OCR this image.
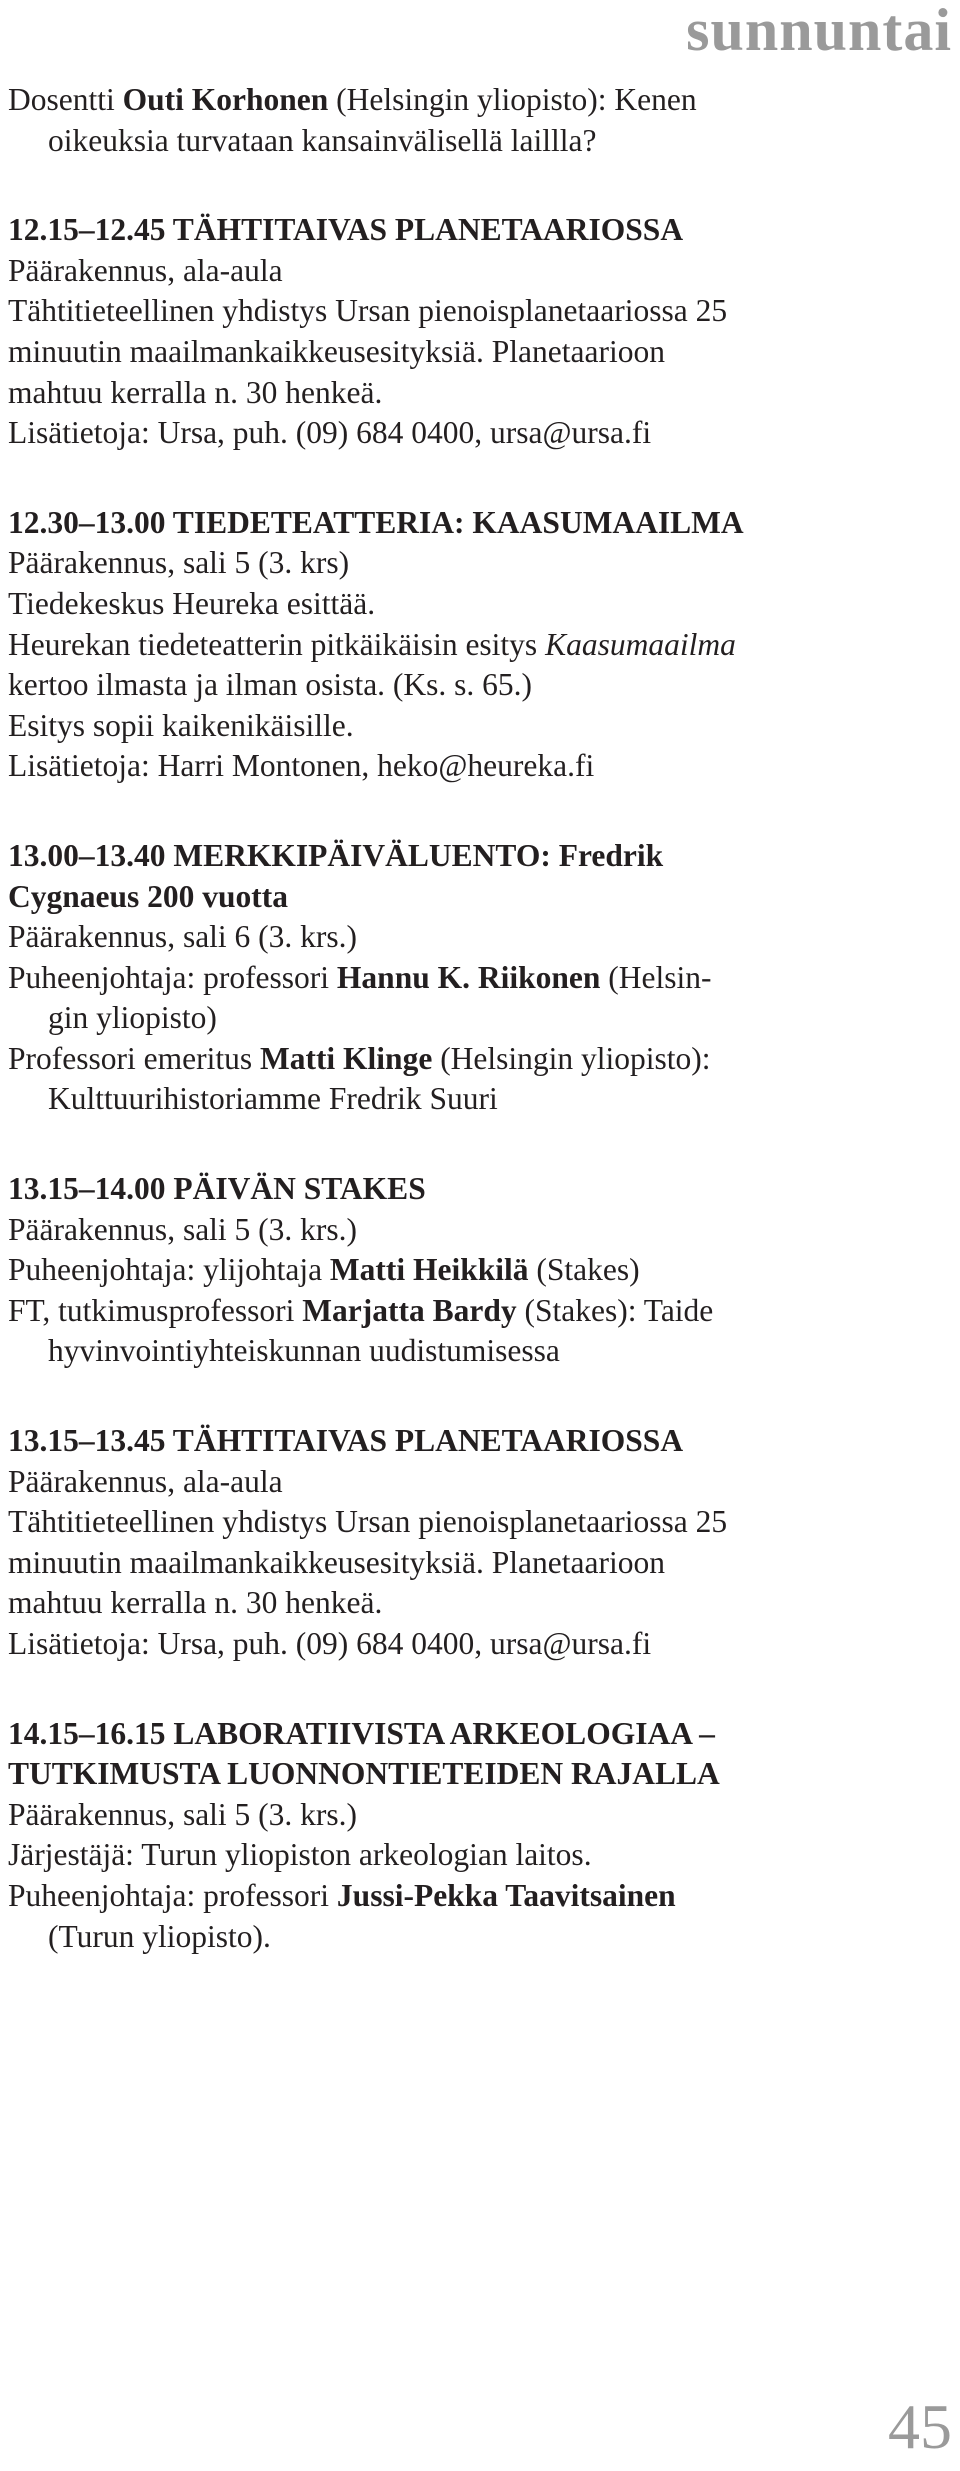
sunnuntai
Dosentti Outi Korhonen (Helsingin yliopisto): Kenen
oikeuksia turvataan kansainvälisellä laillla?
12.15–12.45 TÄHTITAIVAS PLANETAARIOSSA
Päärakennus, ala-aula
Tähtitieteellinen yhdistys Ursan pienoisplanetaariossa 25
minuutin maailmankaikkeusesityksiä. Planetaarioon
mahtuu kerralla n. 30 henkeä.
Lisätietoja: Ursa, puh. (09) 684 0400, ursa@ursa.fi
12.30–13.00 TIEDETEATTERIA: KAASUMAAILMA
Päärakennus, sali 5 (3. krs)
Tiedekeskus Heureka esittää.
Heurekan tiedeteatterin pitkäikäisin esitys Kaasumaailma
kertoo ilmasta ja ilman osista. (Ks. s. 65.)
Esitys sopii kaikenikäisille.
Lisätietoja: Harri Montonen, heko@heureka.fi
13.00–13.40 MERKKIPÄIVÄLUENTO: Fredrik
Cygnaeus 200 vuotta
Päärakennus, sali 6 (3. krs.)
Puheenjohtaja: professori Hannu K. Riikonen (Helsin-
gin yliopisto)
Professori emeritus Matti Klinge (Helsingin yliopisto):
Kulttuurihistoriamme Fredrik Suuri
13.15–14.00 PÄIVÄN STAKES
Päärakennus, sali 5 (3. krs.)
Puheenjohtaja: ylijohtaja Matti Heikkilä (Stakes)
FT, tutkimusprofessori Marjatta Bardy (Stakes): Taide
hyvinvointiyhteiskunnan uudistumisessa
13.15–13.45 TÄHTITAIVAS PLANETAARIOSSA
Päärakennus, ala-aula
Tähtitieteellinen yhdistys Ursan pienoisplanetaariossa 25
minuutin maailmankaikkeusesityksiä. Planetaarioon
mahtuu kerralla n. 30 henkeä.
Lisätietoja: Ursa, puh. (09) 684 0400, ursa@ursa.fi
14.15–16.15 LABORATIIVISTA ARKEOLOGIAA –
TUTKIMUSTA LUONNONTIETEIDEN RAJALLA
Päärakennus, sali 5 (3. krs.)
Järjestäjä: Turun yliopiston arkeologian laitos.
Puheenjohtaja: professori Jussi-Pekka Taavitsainen
(Turun yliopisto).
45
